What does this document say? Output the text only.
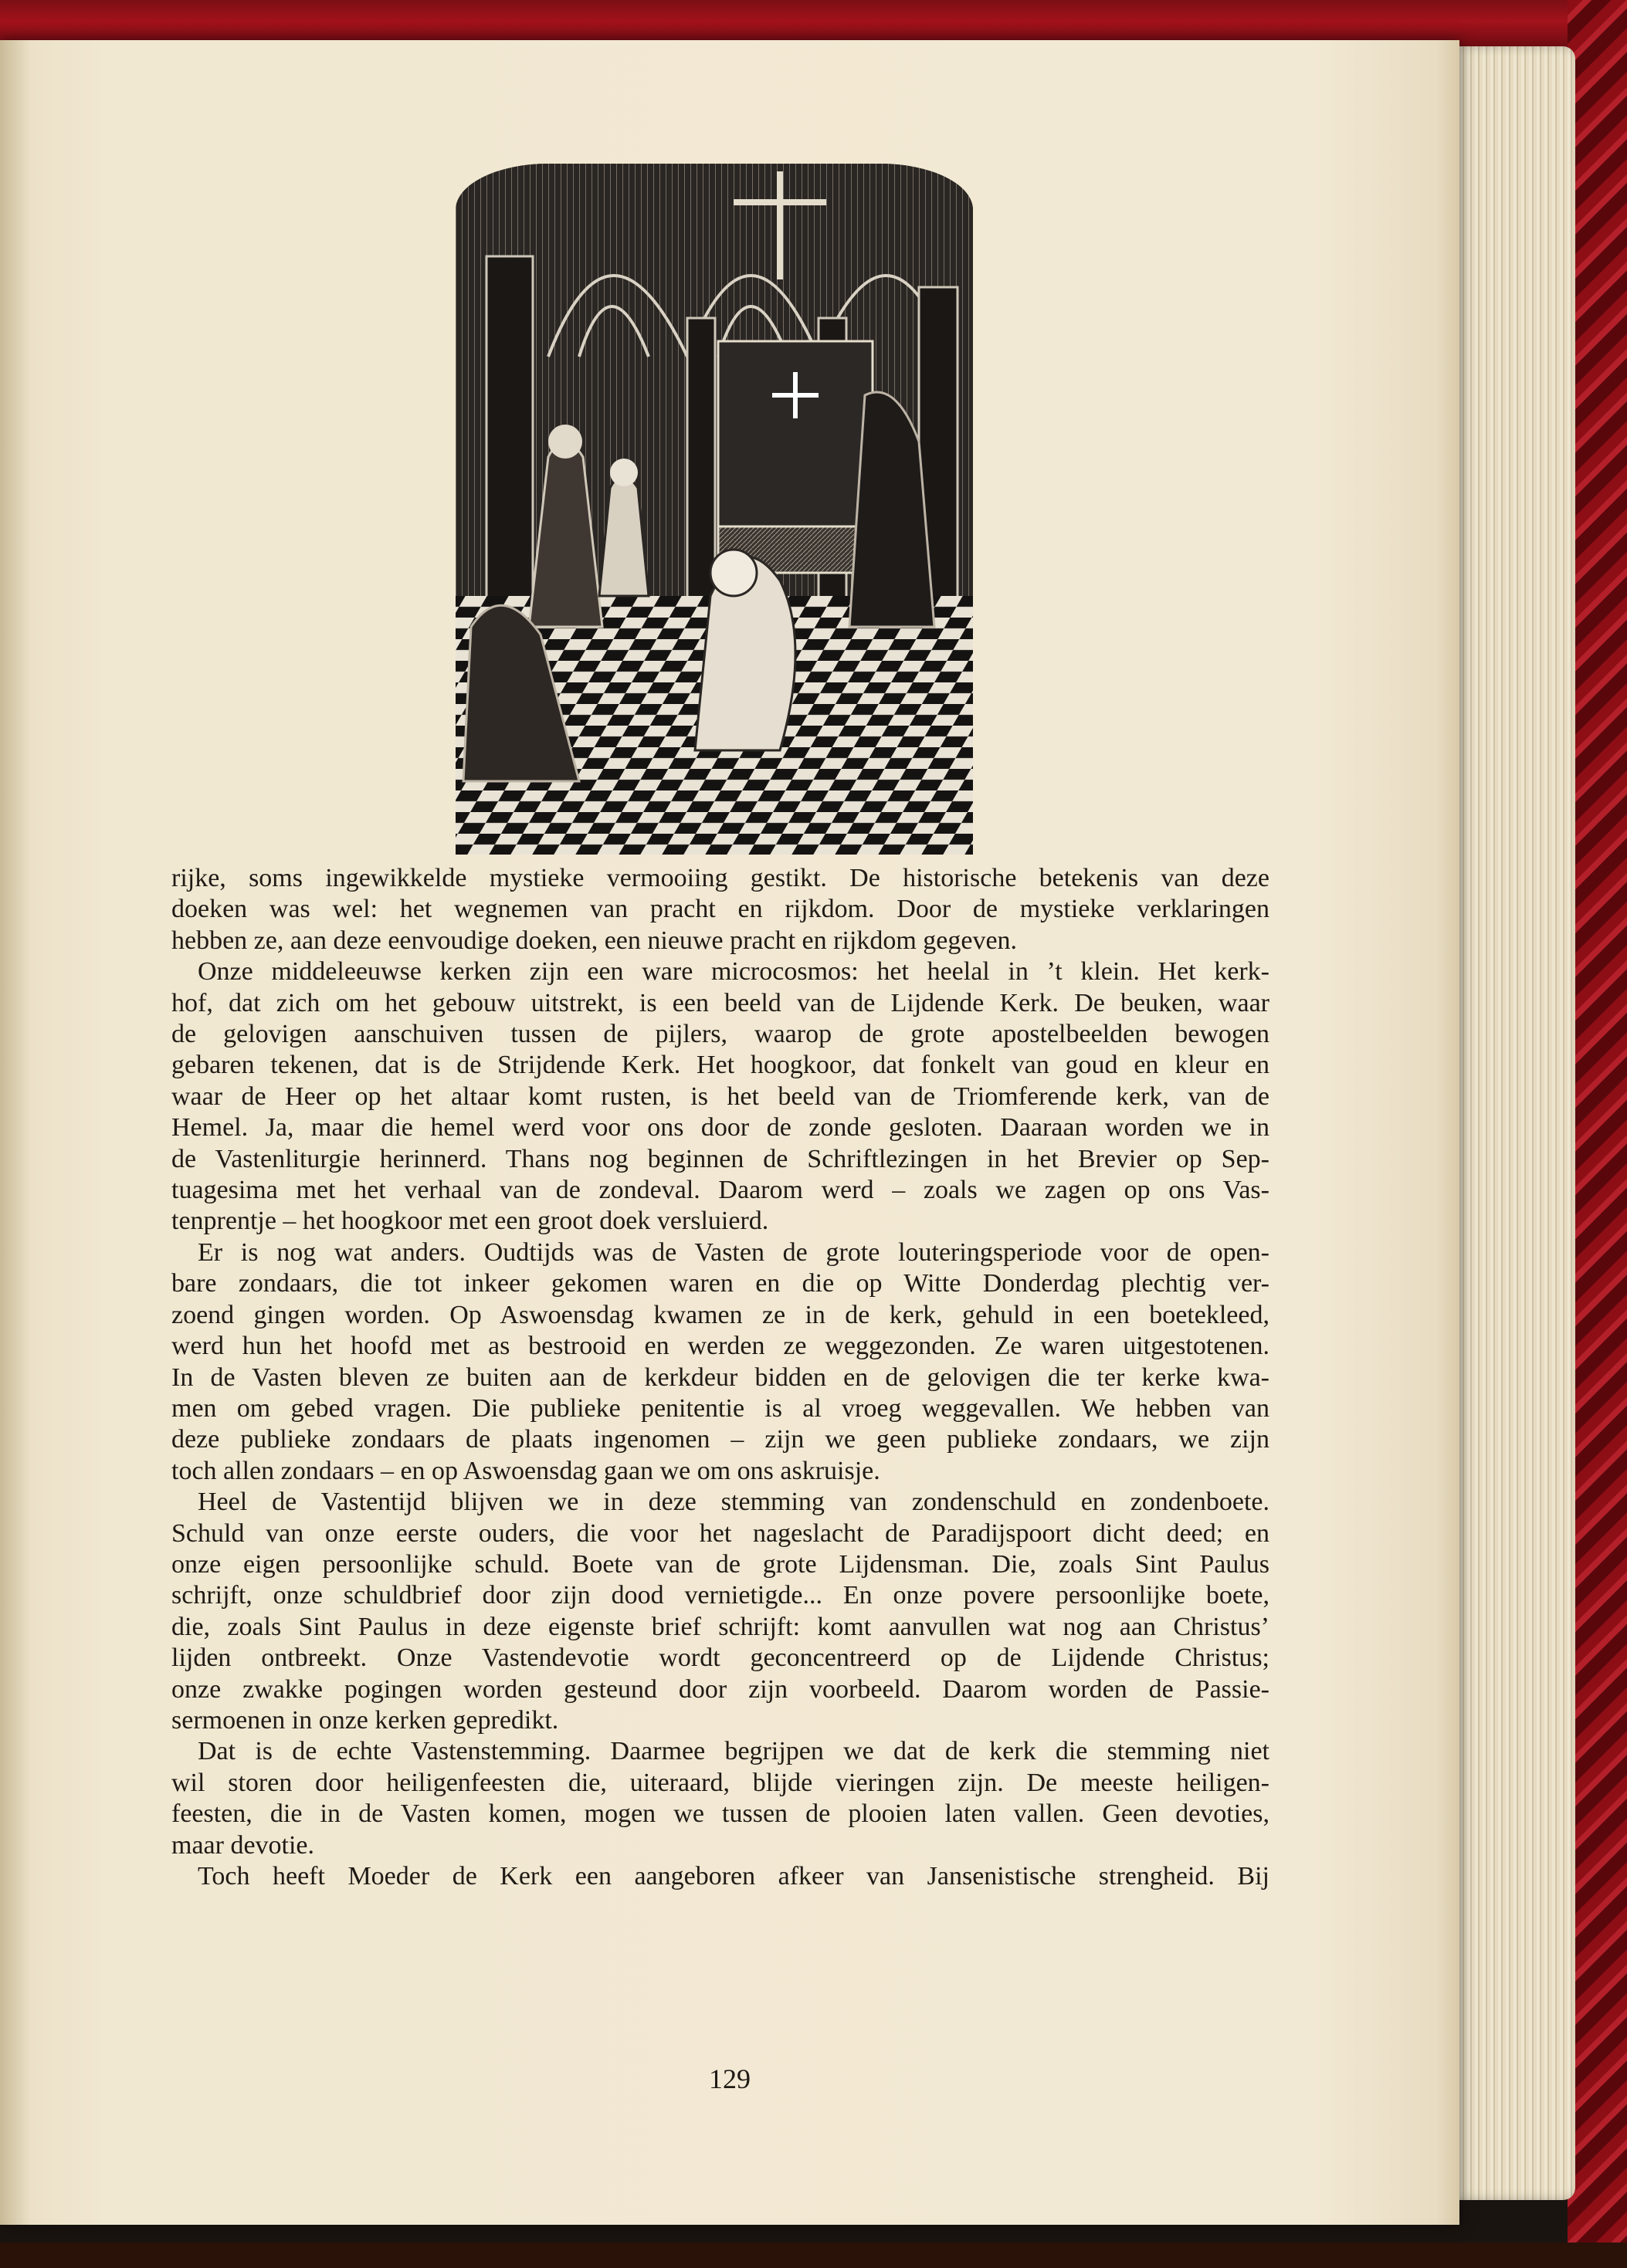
rijke, soms ingewikkelde mystieke vermooiing gestikt. De historische betekenis van deze

doeken was wel: het wegnemen van pracht en rijkdom. Door de mystieke verklaringen

hebben ze, aan deze eenvoudige doeken, een nieuwe pracht en rijkdom gegeven.

Onze middeleeuwse kerken zijn een ware microcosmos: het heelal in ’t klein. Het kerk-

hof, dat zich om het gebouw uitstrekt, is een beeld van de Lijdende Kerk. De beuken, waar

de gelovigen aanschuiven tussen de pijlers, waarop de grote apostelbeelden bewogen

gebaren tekenen, dat is de Strijdende Kerk. Het hoogkoor, dat fonkelt van goud en kleur en

waar de Heer op het altaar komt rusten, is het beeld van de Triomferende kerk, van de

Hemel. Ja, maar die hemel werd voor ons door de zonde gesloten. Daaraan worden we in

de Vastenliturgie herinnerd. Thans nog beginnen de Schriftlezingen in het Brevier op Sep-

tuagesima met het verhaal van de zondeval. Daarom werd – zoals we zagen op ons Vas-

tenprentje – het hoogkoor met een groot doek versluierd.

Er is nog wat anders. Oudtijds was de Vasten de grote louteringsperiode voor de open-

bare zondaars, die tot inkeer gekomen waren en die op Witte Donderdag plechtig ver-

zoend gingen worden. Op Aswoensdag kwamen ze in de kerk, gehuld in een boetekleed,

werd hun het hoofd met as bestrooid en werden ze weggezonden. Ze waren uitgestotenen.

In de Vasten bleven ze buiten aan de kerkdeur bidden en de gelovigen die ter kerke kwa-

men om gebed vragen. Die publieke penitentie is al vroeg weggevallen. We hebben van

deze publieke zondaars de plaats ingenomen – zijn we geen publieke zondaars, we zijn

toch allen zondaars – en op Aswoensdag gaan we om ons askruisje.

Heel de Vastentijd blijven we in deze stemming van zondenschuld en zondenboete.

Schuld van onze eerste ouders, die voor het nageslacht de Paradijspoort dicht deed; en

onze eigen persoonlijke schuld. Boete van de grote Lijdensman. Die, zoals Sint Paulus

schrijft, onze schuldbrief door zijn dood vernietigde... En onze povere persoonlijke boete,

die, zoals Sint Paulus in deze eigenste brief schrijft: komt aanvullen wat nog aan Christus’

lijden ontbreekt. Onze Vastendevotie wordt geconcentreerd op de Lijdende Christus;

onze zwakke pogingen worden gesteund door zijn voorbeeld. Daarom worden de Passie-

sermoenen in onze kerken gepredikt.

Dat is de echte Vastenstemming. Daarmee begrijpen we dat de kerk die stemming niet

wil storen door heiligenfeesten die, uiteraard, blijde vieringen zijn. De meeste heiligen-

feesten, die in de Vasten komen, mogen we tussen de plooien laten vallen. Geen devoties,

maar devotie.

Toch heeft Moeder de Kerk een aangeboren afkeer van Jansenistische strengheid. Bij

129
